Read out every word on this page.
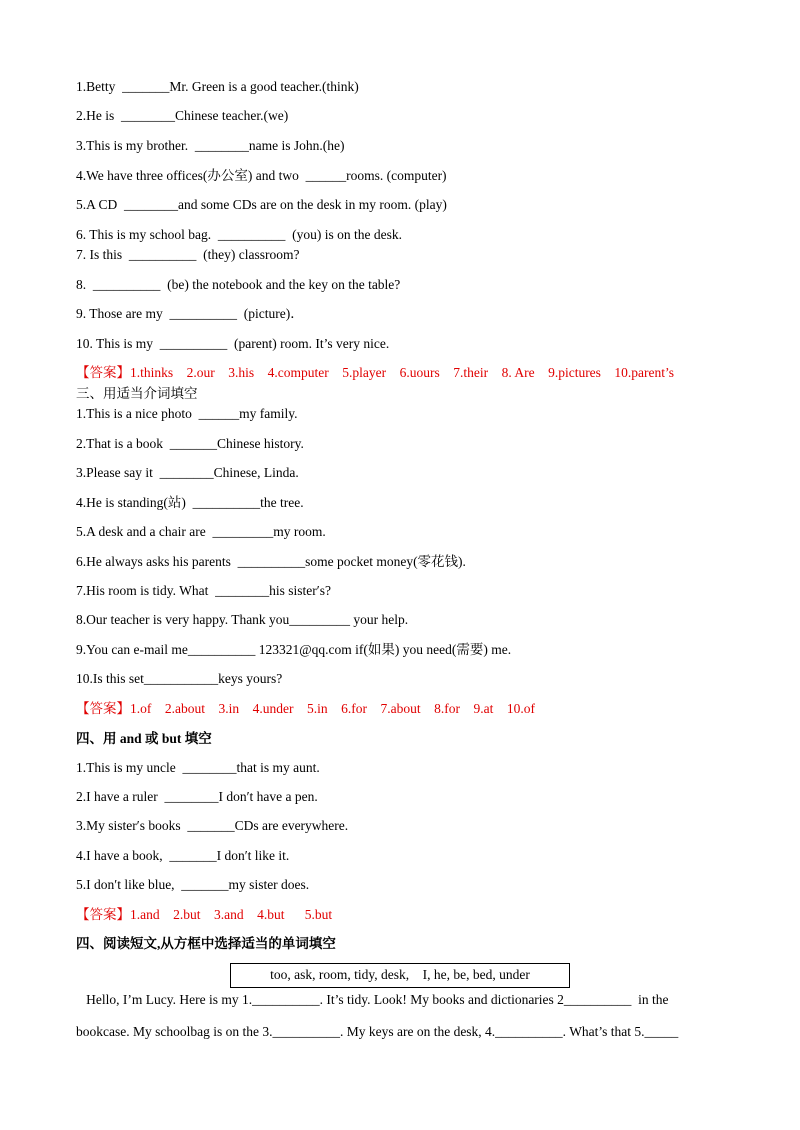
1.Betty  _______Mr. Green is a good teacher.(think)
2.He is  ________Chinese teacher.(we)
3.This is my brother.  ________name is John.(he)
4.We have three offices(办公室) and two  ______rooms. (computer)
5.A CD  ________and some CDs are on the desk in my room. (play)
6. This is my school bag.  __________  (you) is on the desk.
7. Is this  __________  (they) classroom?
8.  __________  (be) the notebook and the key on the table?
9. Those are my  __________  (picture)．
10. This is my  __________  (parent) room. It’s very nice.
【答案】1.thinks    2.our    3.his    4.computer    5.player    6.uours    7.their    8. Are    9.pictures    10.parent’s
三、用适当介词填空
1.This is a nice photo  ______my family.
2.That is a book  _______Chinese history.
3.Please say it  ________Chinese, Linda.
4.He is standing(站)  __________the tree.
5.A desk and a chair are  _________my room.
6.He always asks his parents  __________some pocket money(零花钱).
7.His room is tidy. What  ________his sister′s?
8.Our teacher is very happy. Thank you_________ your help.
9.You can e-mail me__________ 123321@qq.com if(如果) you need(需要) me.
10.Is this set___________keys yours?
【答案】1.of    2.about    3.in    4.under    5.in    6.for    7.about    8.for    9.at    10.of
四、用 and 或 but 填空
1.This is my uncle  ________that is my aunt.
2.I have a ruler  ________I don′t have a pen.
3.My sister′s books  _______CDs are everywhere.
4.I have a book,  _______I don′t like it.
5.I don′t like blue,  _______my sister does.
【答案】1.and    2.but    3.and    4.but      5.but
四、阅读短文,从方框中选择适当的单词填空
too, ask, room, tidy, desk,    I, he, be, bed, under
Hello, I’m Lucy. Here is my 1.__________. It’s tidy. Look! My books and dictionaries 2__________  in the
bookcase. My schoolbag is on the 3.__________. My keys are on the desk, 4.__________. What’s that 5._____
